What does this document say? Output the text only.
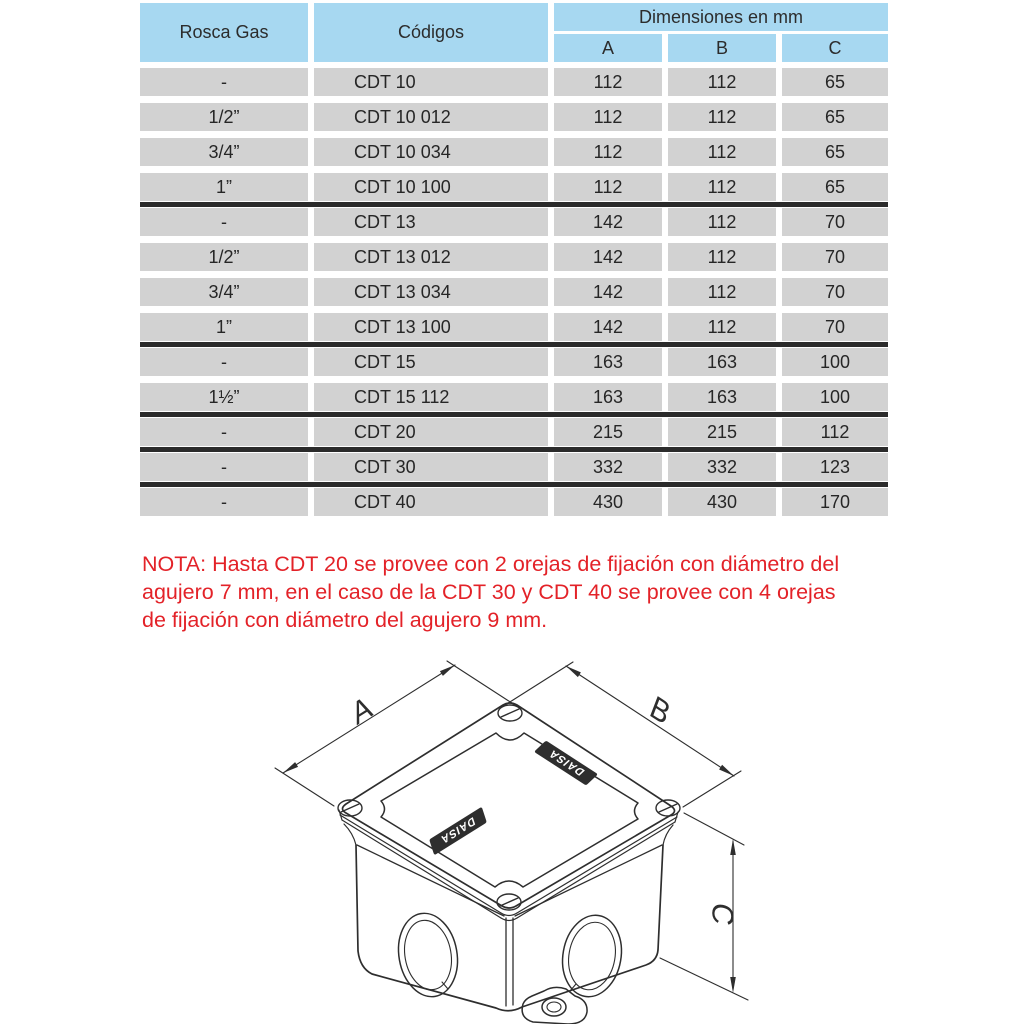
Rosca Gas	Códigos
Dimensiones en mm
A	B	C
-	CDT 10	112	112	65
1/2”	CDT 10 012	112	112	65
3/4”	CDT 10 034	112	112	65
1”	CDT 10 100	112	112	65
-	CDT 13	142	112	70
1/2”	CDT 13 012	142	112	70
3/4”	CDT 13 034	142	112	70
1”	CDT 13 100	142	112	70
-	CDT 15	163	163	100
1½”	CDT 15 112	163	163	100
-	CDT 20	215	215	112
-	CDT 30	332	332	123
-	CDT 40	430	430	170
NOTA: Hasta CDT 20 se provee con 2 orejas de fijación con diámetro del
agujero 7 mm, en el caso de la CDT 30 y CDT 40 se provee con 4 orejas
de fijación con diámetro del agujero 9 mm.
DAISA
DAISA
A	B
C
